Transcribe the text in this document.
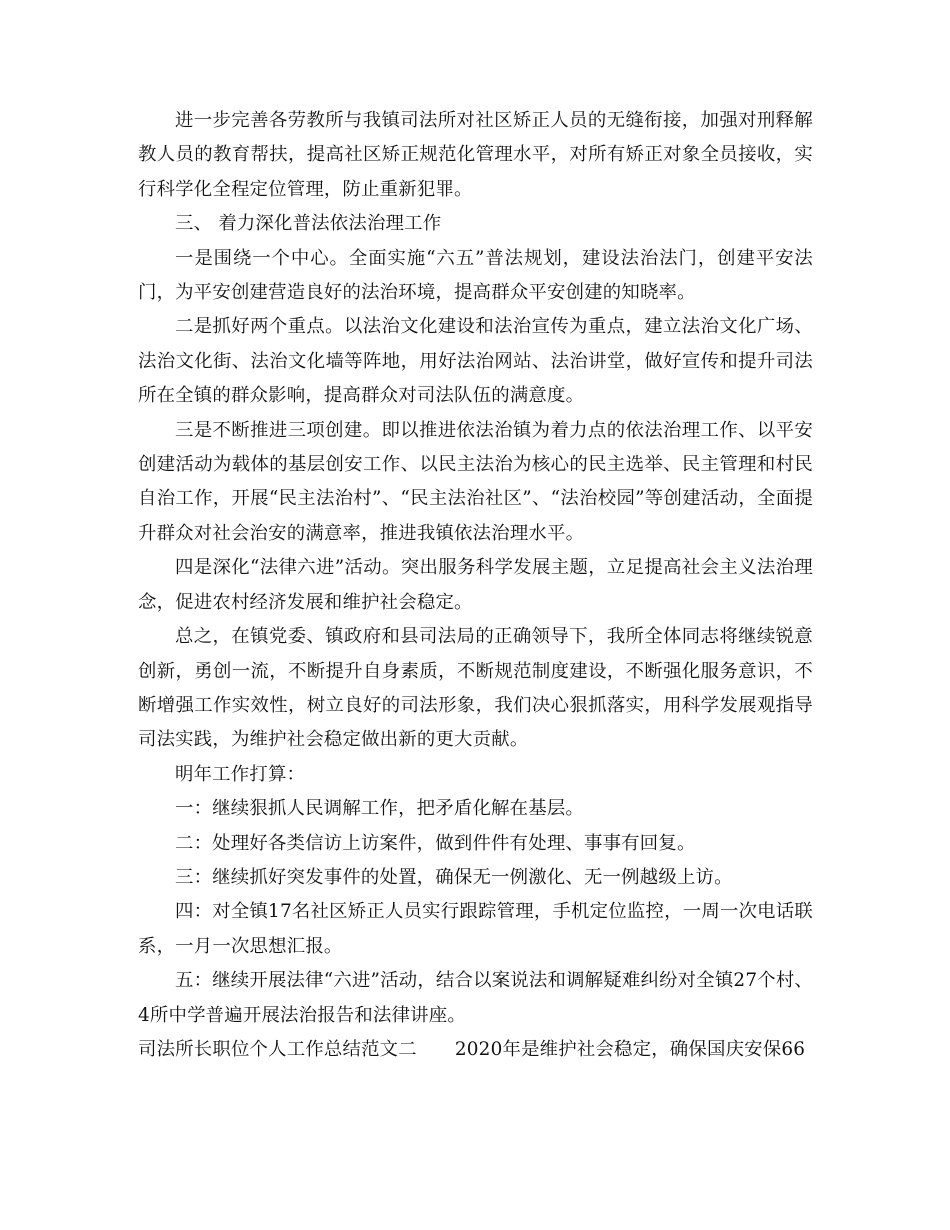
进一步完善各劳教所与我镇司法所对社区矫正人员的无缝衔接，加强对刑释解教人员的教育帮扶，提高社区矫正规范化管理水平，对所有矫正对象全员接收，实行科学化全程定位管理，防止重新犯罪。

三、 着力深化普法依法治理工作

一是围绕一个中心。全面实施“六五”普法规划，建设法治法门，创建平安法门，为平安创建营造良好的法治环境，提高群众平安创建的知晓率。

二是抓好两个重点。以法治文化建设和法治宣传为重点，建立法治文化广场、法治文化街、法治文化墙等阵地，用好法治网站、法治讲堂，做好宣传和提升司法所在全镇的群众影响，提高群众对司法队伍的满意度。

三是不断推进三项创建。即以推进依法治镇为着力点的依法治理工作、以平安创建活动为载体的基层创安工作、以民主法治为核心的民主选举、民主管理和村民自治工作，开展“民主法治村”、“民主法治社区”、“法治校园”等创建活动，全面提升群众对社会治安的满意率，推进我镇依法治理水平。

四是深化“法律六进”活动。突出服务科学发展主题，立足提高社会主义法治理念，促进农村经济发展和维护社会稳定。

总之，在镇党委、镇政府和县司法局的正确领导下，我所全体同志将继续锐意创新，勇创一流，不断提升自身素质，不断规范制度建设，不断强化服务意识，不断增强工作实效性，树立良好的司法形象，我们决心狠抓落实，用科学发展观指导司法实践，为维护社会稳定做出新的更大贡献。

明年工作打算：

一：继续狠抓人民调解工作，把矛盾化解在基层。

二：处理好各类信访上访案件，做到件件有处理、事事有回复。

三：继续抓好突发事件的处置，确保无一例激化、无一例越级上访。

四：对全镇17名社区矫正人员实行跟踪管理，手机定位监控，一周一次电话联系，一月一次思想汇报。

五：继续开展法律“六进”活动，结合以案说法和调解疑难纠纷对全镇27个村、4所中学普遍开展法治报告和法律讲座。

司法所长职位个人工作总结范文二 2020年是维护社会稳定，确保国庆安保66
